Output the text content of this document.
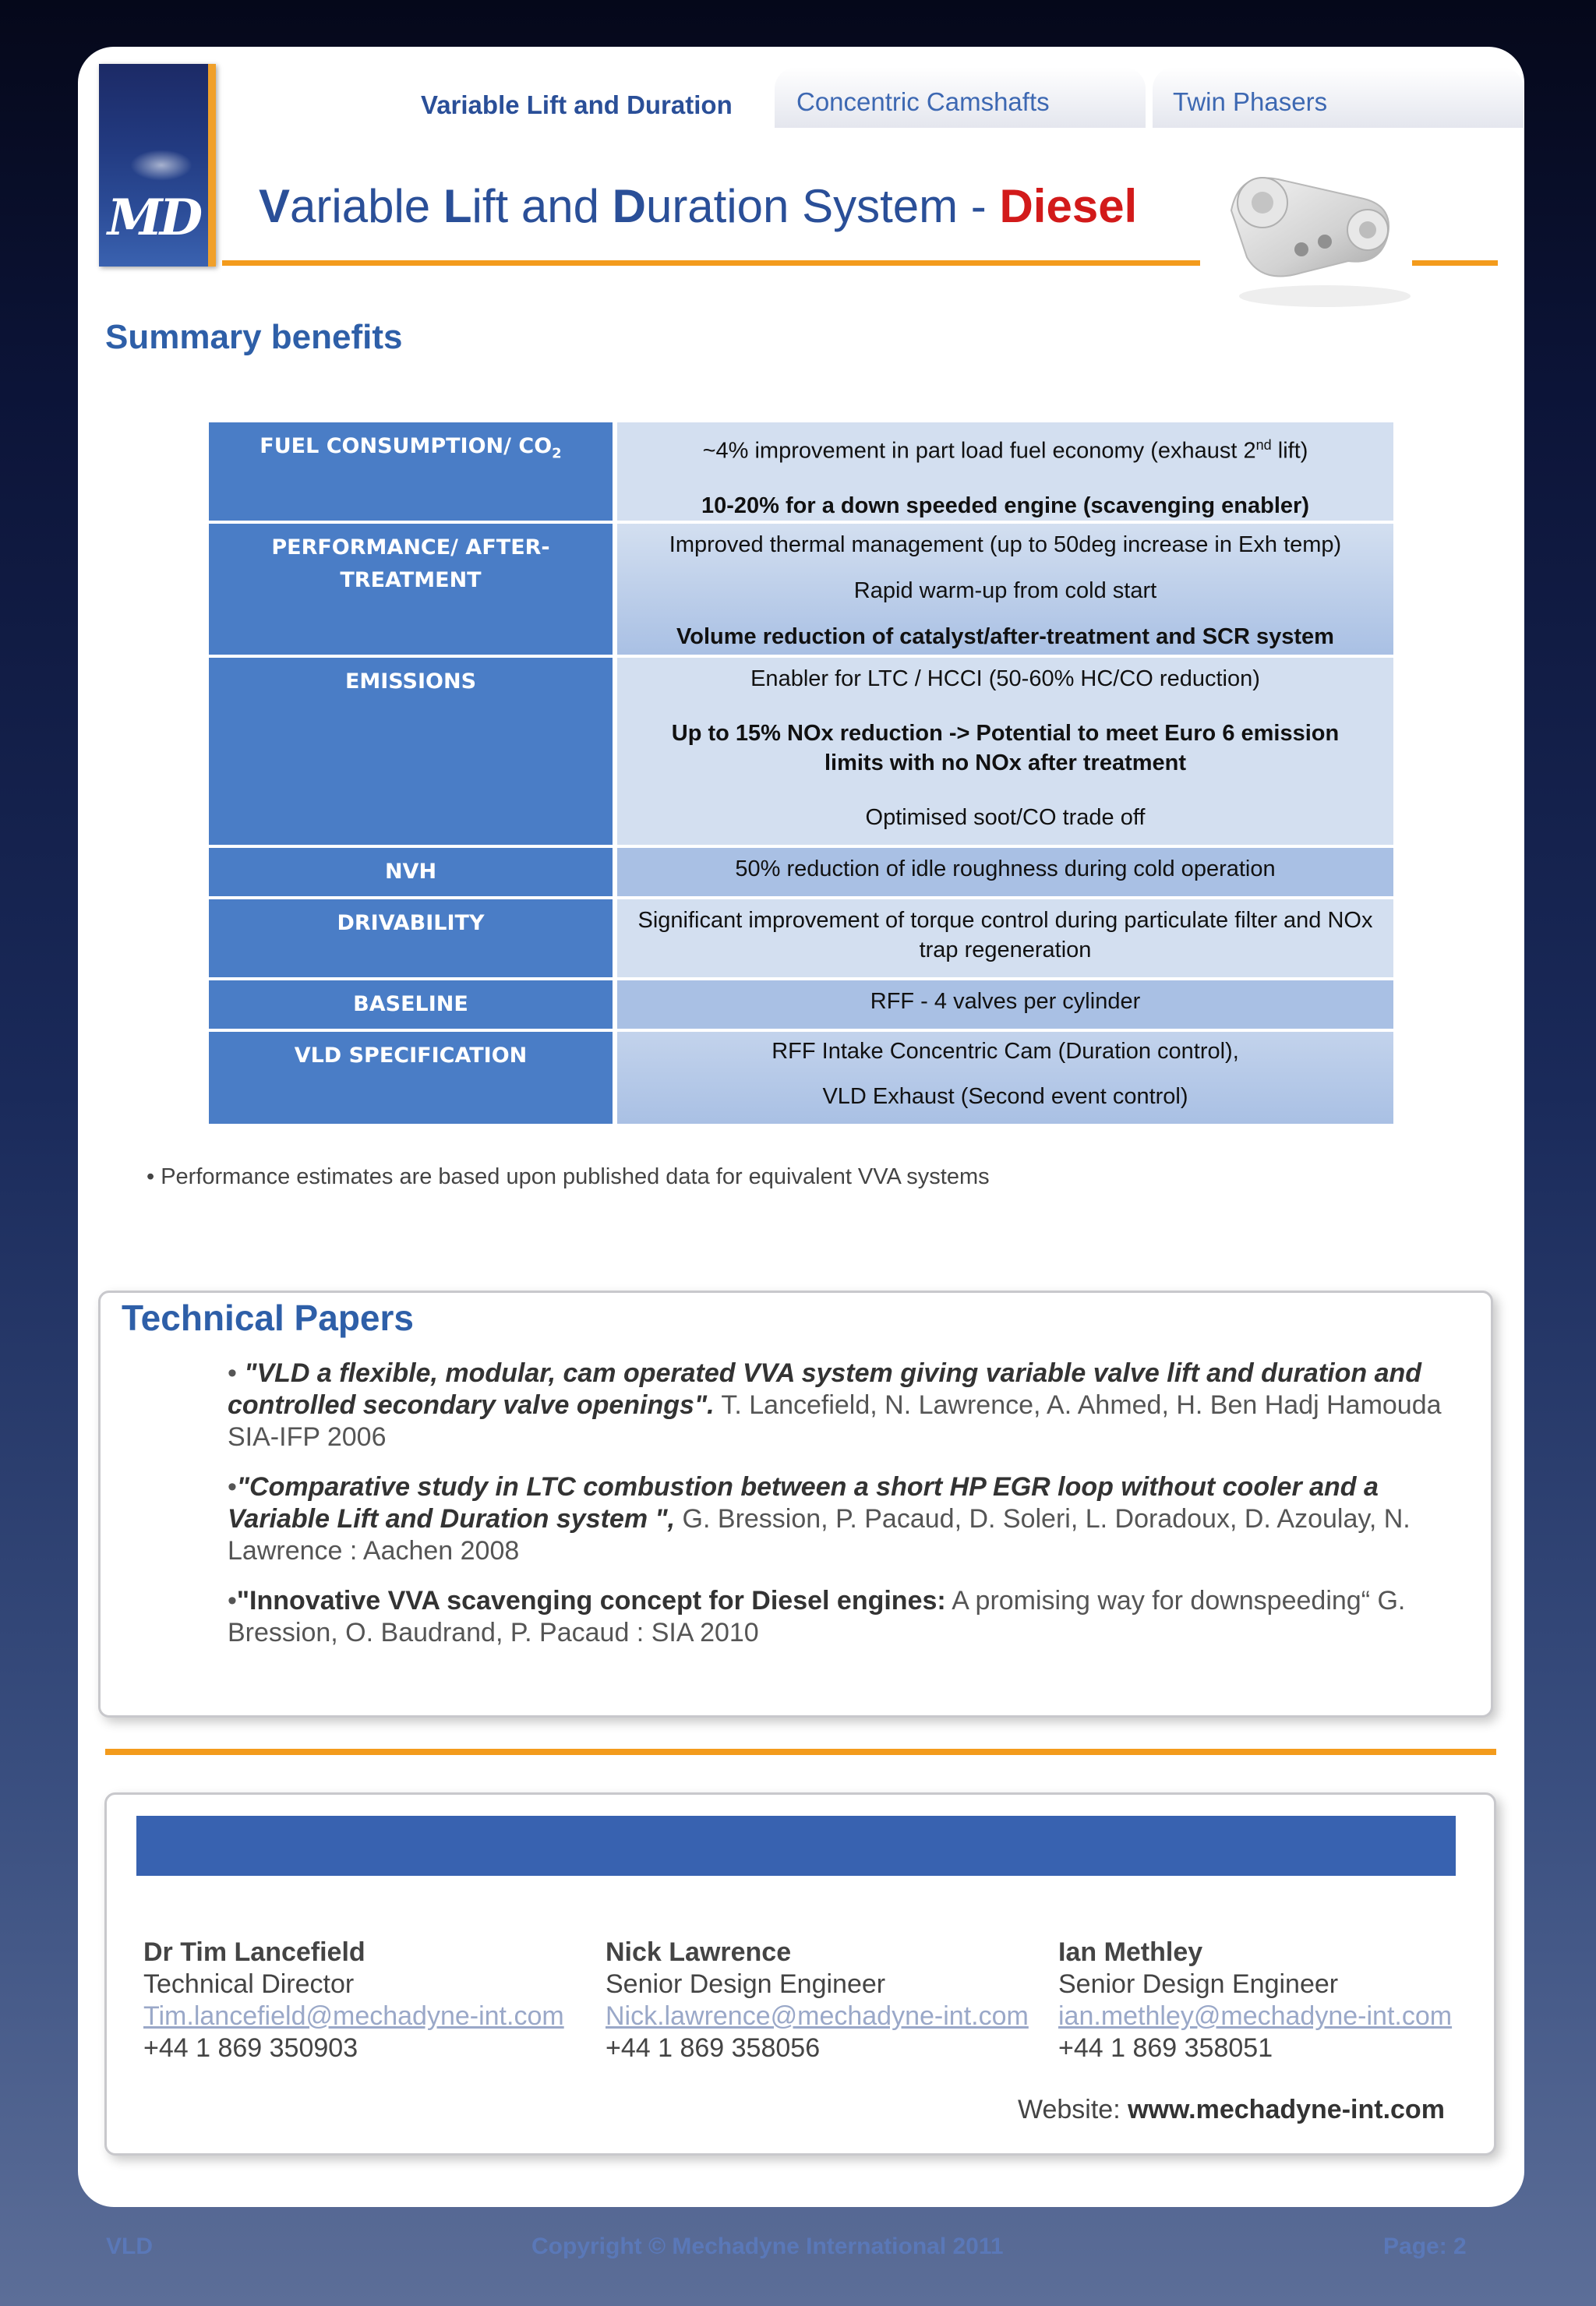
MD
Variable Lift and Duration Concentric Camshafts	Twin Phasers
Variable Lift and Duration System - Diesel
Summary benefits
FUEL CONSUMPTION/ $CO_2$	~4% improvement in part load fuel economy (exhaust 2nd lift)

10-20% for a down speeded engine (scavenging enabler)

PERFORMANCE/ AFTER-TREATMENT	Improved thermal management (up to 50deg increase in Exh temp)

Rapid warm-up from cold start

Volume reduction of catalyst/after-treatment and SCR system

EMISSIONS	Enabler for LTC / HCCI (50-60% HC/CO reduction)

Up to 15% NOx reduction -> Potential to meet Euro 6 emission limits with no NOx after treatment

Optimised soot/CO trade off

NVH	50% reduction of idle roughness during cold operation

DRIVABILITY	Significant improvement of torque control during particulate filter and NOx trap regeneration

BASELINE	RFF - 4 valves per cylinder

VLD SPECIFICATION	RFF Intake Concentric Cam (Duration control),

VLD Exhaust (Second event control)

• Performance estimates are based upon published data for equivalent VVA systems
Technical Papers
• "VLD a flexible, modular, cam operated VVA system giving variable valve lift and duration and controlled secondary valve openings". T. Lancefield, N. Lawrence, A. Ahmed, H. Ben Hadj Hamouda SIA-IFP 2006
•"Comparative study in LTC combustion between a short HP EGR loop without cooler and a Variable Lift and Duration system ", G. Bression, P. Pacaud, D. Soleri, L. Doradoux, D. Azoulay, N. Lawrence : Aachen 2008
•"Innovative VVA scavenging concept for Diesel engines: A promising way for downspeeding“ G. Bression, O. Baudrand, P. Pacaud : SIA 2010
Dr Tim Lancefield
Technical Director
Tim.lancefield@mechadyne-int.com
+44 1 869 350903
Nick Lawrence
Senior Design Engineer
Nick.lawrence@mechadyne-int.com
+44 1 869 358056
Ian Methley
Senior Design Engineer
ian.methley@mechadyne-int.com
+44 1 869 358051
Website: www.mechadyne-int.com
VLD	Copyright © Mechadyne International 2011	Page: 2
